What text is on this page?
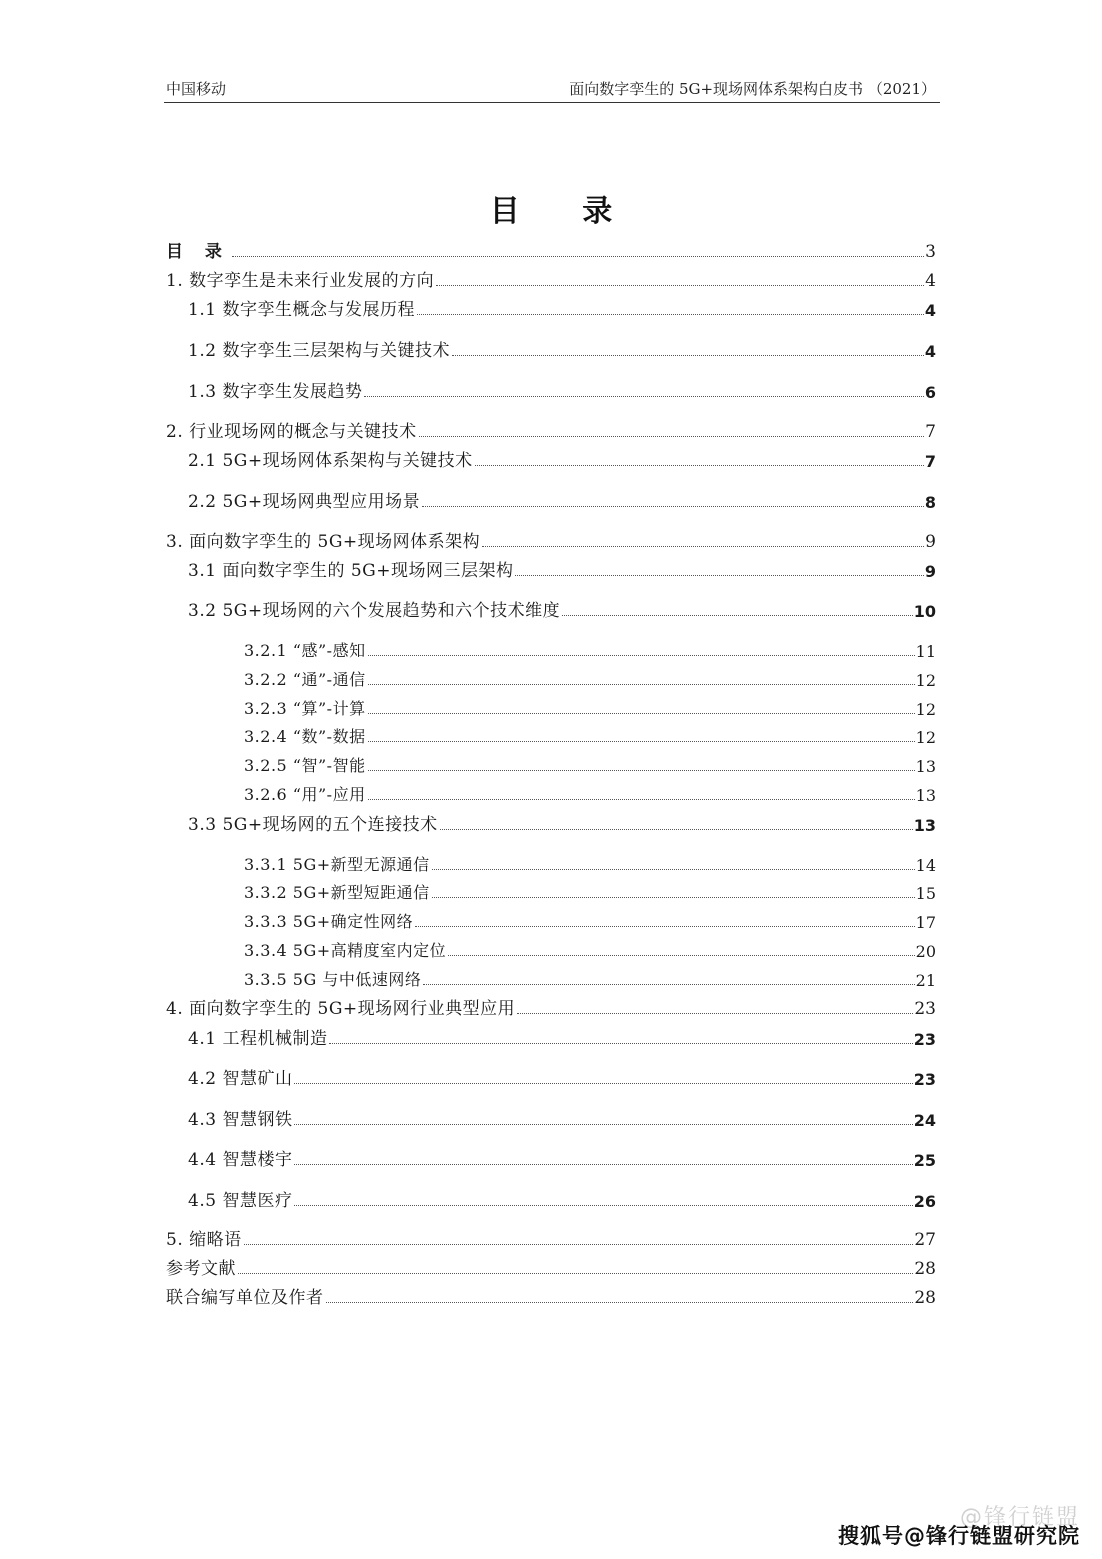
中国移动	面向数字孪生的 5G+现场网体系架构白皮书 （2021）
目 录
目 录	3
1. 数字孪生是未来行业发展的方向	4
1.1 数字孪生概念与发展历程	4
1.2 数字孪生三层架构与关键技术	4
1.3 数字孪生发展趋势	6
2. 行业现场网的概念与关键技术	7
2.1 5G+现场网体系架构与关键技术	7
2.2 5G+现场网典型应用场景	8
3. 面向数字孪生的 5G+现场网体系架构	9
3.1 面向数字孪生的 5G+现场网三层架构	9
3.2 5G+现场网的六个发展趋势和六个技术维度	10
3.2.1 “感”-感知	11
3.2.2 “通”-通信	12
3.2.3 “算”-计算	12
3.2.4 “数”-数据	12
3.2.5 “智”-智能	13
3.2.6 “用”-应用	13
3.3 5G+现场网的五个连接技术	13
3.3.1 5G+新型无源通信	14
3.3.2 5G+新型短距通信	15
3.3.3 5G+确定性网络	17
3.3.4 5G+高精度室内定位	20
3.3.5 5G 与中低速网络	21
4. 面向数字孪生的 5G+现场网行业典型应用	23
4.1 工程机械制造	23
4.2 智慧矿山	23
4.3 智慧钢铁	24
4.4 智慧楼宇	25
4.5 智慧医疗	26
5. 缩略语	27
参考文献	28
联合编写单位及作者	28
@锋行链盟
搜狐号@锋行链盟研究院
